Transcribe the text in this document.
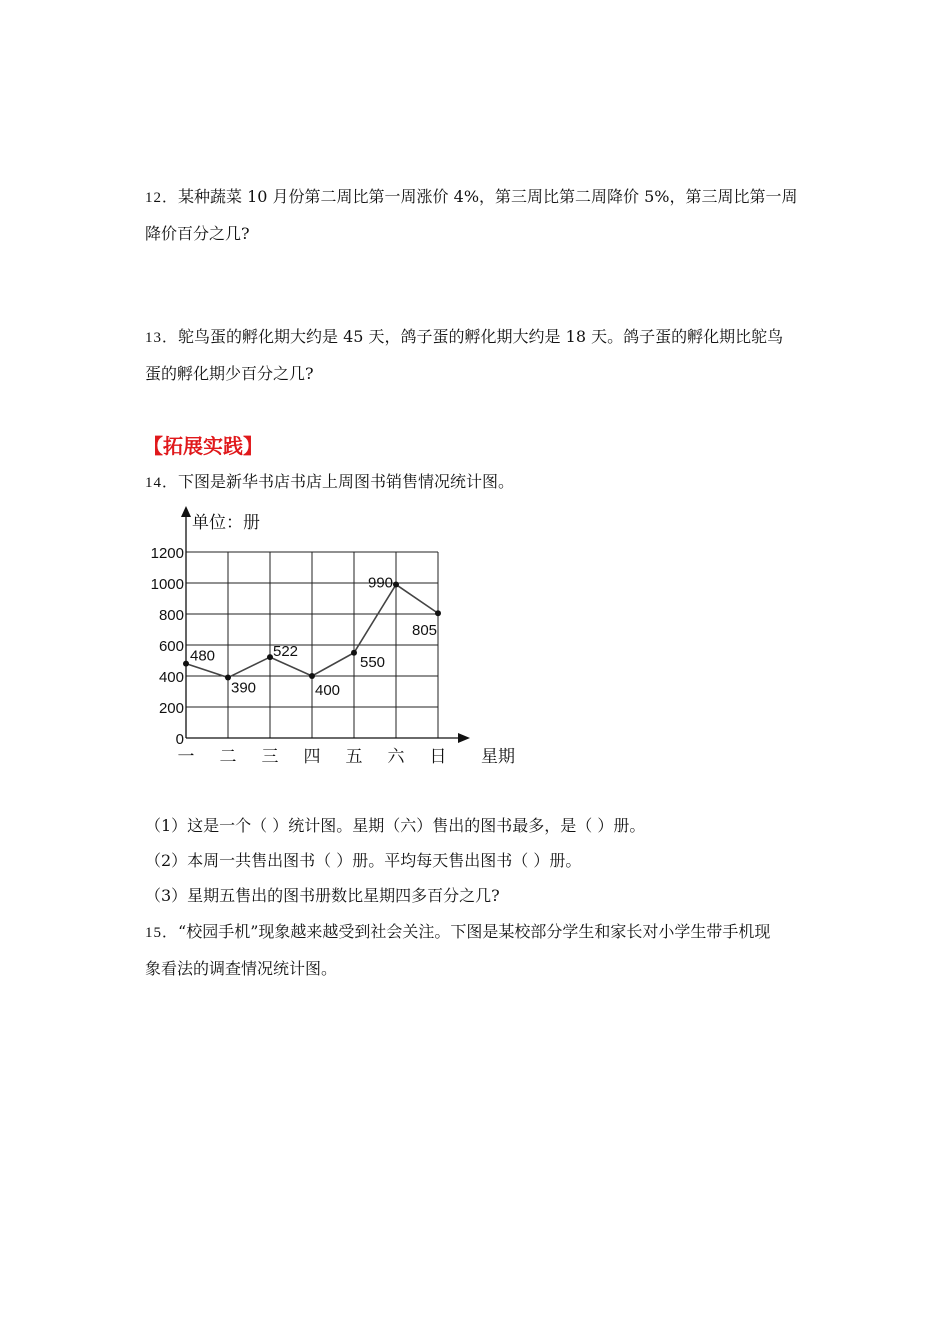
12．某种蔬菜 10 月份第二周比第一周涨价 4%，第三周比第二周降价 5%，第三周比第一周
降价百分之几?
13．鸵鸟蛋的孵化期大约是 45 天，鸽子蛋的孵化期大约是 18 天。鸽子蛋的孵化期比鸵鸟
蛋的孵化期少百分之几?
【拓展实践】
14．下图是新华书店书店上周图书销售情况统计图。
0
200
400
600
800
1000
1200
一 二 三 四 五 六 日
480
390
522
400
550
990
805
单位：册
星期
（1）这是一个（ ）统计图。星期（六）售出的图书最多，是（ ）册。
（2）本周一共售出图书（ ）册。平均每天售出图书（ ）册。
（3）星期五售出的图书册数比星期四多百分之几?
15．“校园手机”现象越来越受到社会关注。下图是某校部分学生和家长对小学生带手机现
象看法的调查情况统计图。
